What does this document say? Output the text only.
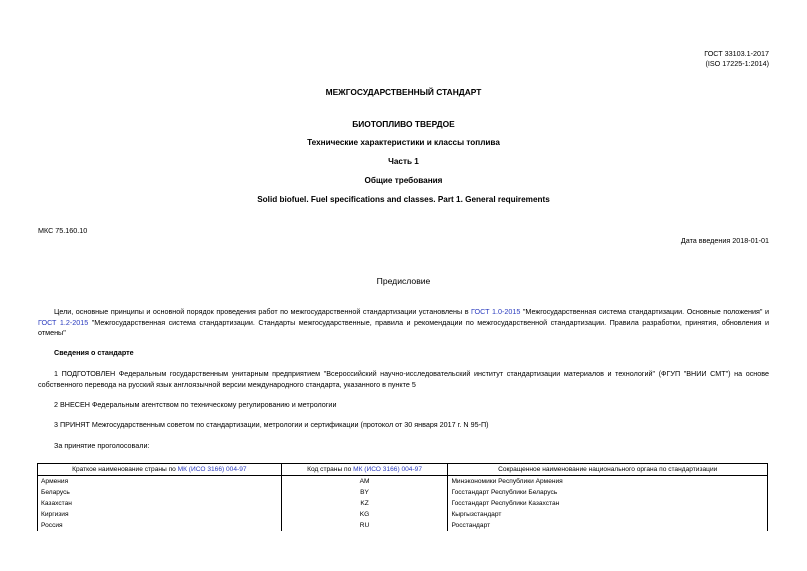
ГОСТ 33103.1-2017
(ISO 17225-1:2014)
МЕЖГОСУДАРСТВЕННЫЙ СТАНДАРТ
БИОТОПЛИВО ТВЕРДОЕ
Технические характеристики и классы топлива
Часть 1
Общие требования
Solid biofuel. Fuel specifications and classes. Part 1. General requirements
МКС 75.160.10
Дата введения 2018-01-01
Предисловие
Цели, основные принципы и основной порядок проведения работ по межгосударственной стандартизации установлены в ГОСТ 1.0-2015 "Межгосударственная система стандартизации. Основные положения" и ГОСТ 1.2-2015 "Межгосударственная система стандартизации. Стандарты межгосударственные, правила и рекомендации по межгосударственной стандартизации. Правила разработки, принятия, обновления и отмены"
Сведения о стандарте
1 ПОДГОТОВЛЕН Федеральным государственным унитарным предприятием "Всероссийский научно-исследовательский институт стандартизации материалов и технологий" (ФГУП "ВНИИ СМТ") на основе собственного перевода на русский язык англоязычной версии международного стандарта, указанного в пункте 5
2 ВНЕСЕН Федеральным агентством по техническому регулированию и метрологии
3 ПРИНЯТ Межгосударственным советом по стандартизации, метрологии и сертификации (протокол от 30 января 2017 г. N 95-П)
За принятие проголосовали:
Краткое наименование страны по МК (ИСО 3166) 004-97	Код страны по МК (ИСО 3166) 004-97	Сокращенное наименование национального органа по стандартизации
Армения	AM	Минэкономики Республики Армения
Беларусь	BY	Госстандарт Республики Беларусь
Казахстан	KZ	Госстандарт Республики Казахстан
Киргизия	KG	Кыргызстандарт
Россия	RU	Росстандарт
